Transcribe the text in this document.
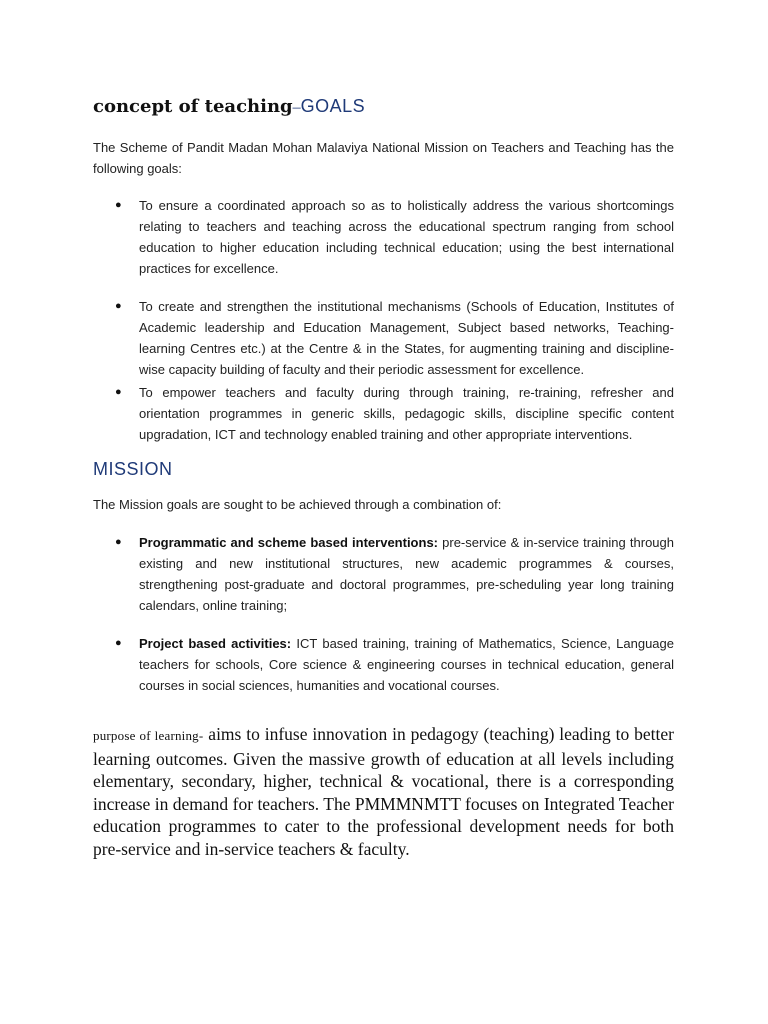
concept of teaching–GOALS

The Scheme of Pandit Madan Mohan Malaviya National Mission on Teachers and Teaching has the following goals:

● To ensure a coordinated approach so as to holistically address the various shortcomings relating to teachers and teaching across the educational spectrum ranging from school education to higher education including technical education; using the best international practices for excellence.
● To create and strengthen the institutional mechanisms (Schools of Education, Institutes of Academic leadership and Education Management, Subject based networks, Teaching-learning Centres etc.) at the Centre & in the States, for augmenting training and discipline-wise capacity building of faculty and their periodic assessment for excellence.
● To empower teachers and faculty during through training, re-training, refresher and orientation programmes in generic skills, pedagogic skills, discipline specific content upgradation, ICT and technology enabled training and other appropriate interventions.
MISSION

The Mission goals are sought to be achieved through a combination of:

● Programmatic and scheme based interventions: pre-service & in-service training through existing and new institutional structures, new academic programmes & courses, strengthening post-graduate and doctoral programmes, pre-scheduling year long training calendars, online training;
● Project based activities: ICT based training, training of Mathematics, Science, Language teachers for schools, Core science & engineering courses in technical education, general courses in social sciences, humanities and vocational courses.

purpose of learning- aims to infuse innovation in pedagogy (teaching) leading to better learning outcomes. Given the massive growth of education at all levels including elementary, secondary, higher, technical & vocational, there is a corresponding increase in demand for teachers. The PMMMNMTT focuses on Integrated Teacher education programmes to cater to the professional development needs for both pre-service and in-service teachers & faculty.
